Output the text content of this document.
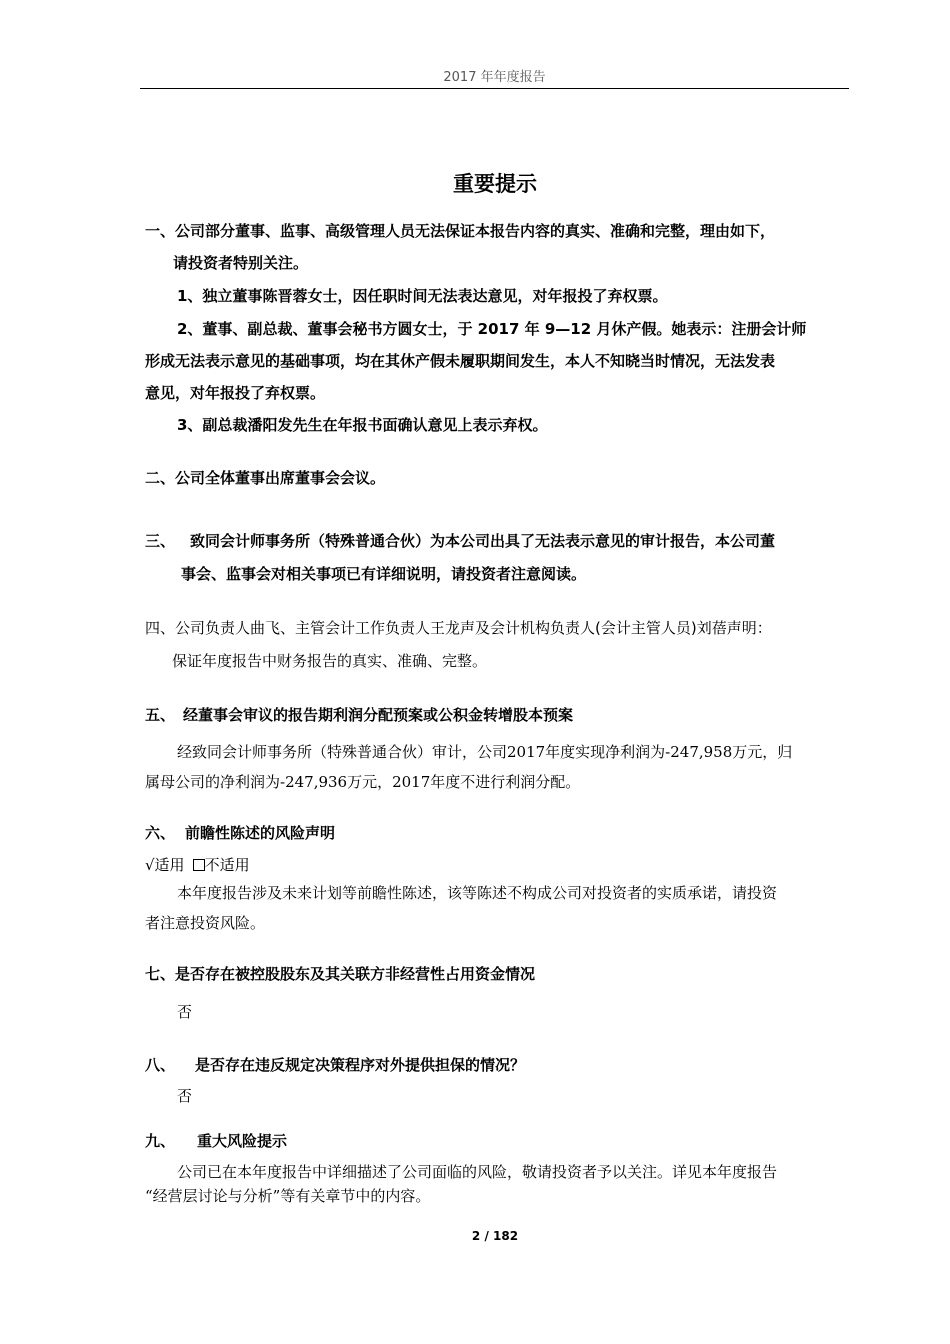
2017 年年度报告
重要提示
一、公司部分董事、监事、高级管理人员无法保证本报告内容的真实、准确和完整，理由如下，
请投资者特别关注。
1、独立董事陈晋蓉女士，因任职时间无法表达意见，对年报投了弃权票。
2、董事、副总裁、董事会秘书方圆女士，于 2017 年 9—12 月休产假。她表示：注册会计师
形成无法表示意见的基础事项，均在其休产假未履职期间发生，本人不知晓当时情况，无法发表
意见，对年报投了弃权票。
3、副总裁潘阳发先生在年报书面确认意见上表示弃权。
二、公司全体董事出席董事会会议。
三、 致同会计师事务所（特殊普通合伙）为本公司出具了无法表示意见的审计报告，本公司董
事会、监事会对相关事项已有详细说明，请投资者注意阅读。
四、公司负责人曲飞、主管会计工作负责人王龙声及会计机构负责人(会计主管人员)刘蓓声明：
保证年度报告中财务报告的真实、准确、完整。
五、 经董事会审议的报告期利润分配预案或公积金转增股本预案
经致同会计师事务所（特殊普通合伙）审计，公司2017年度实现净利润为-247,958万元，归
属母公司的净利润为-247,936万元，2017年度不进行利润分配。
六、 前瞻性陈述的风险声明
√适用 不适用
本年度报告涉及未来计划等前瞻性陈述，该等陈述不构成公司对投资者的实质承诺，请投资
者注意投资风险。
七、是否存在被控股股东及其关联方非经营性占用资金情况
否
八、 是否存在违反规定决策程序对外提供担保的情况？
否
九、 重大风险提示
公司已在本年度报告中详细描述了公司面临的风险，敬请投资者予以关注。详见本年度报告
“经营层讨论与分析”等有关章节中的内容。
2 / 182
